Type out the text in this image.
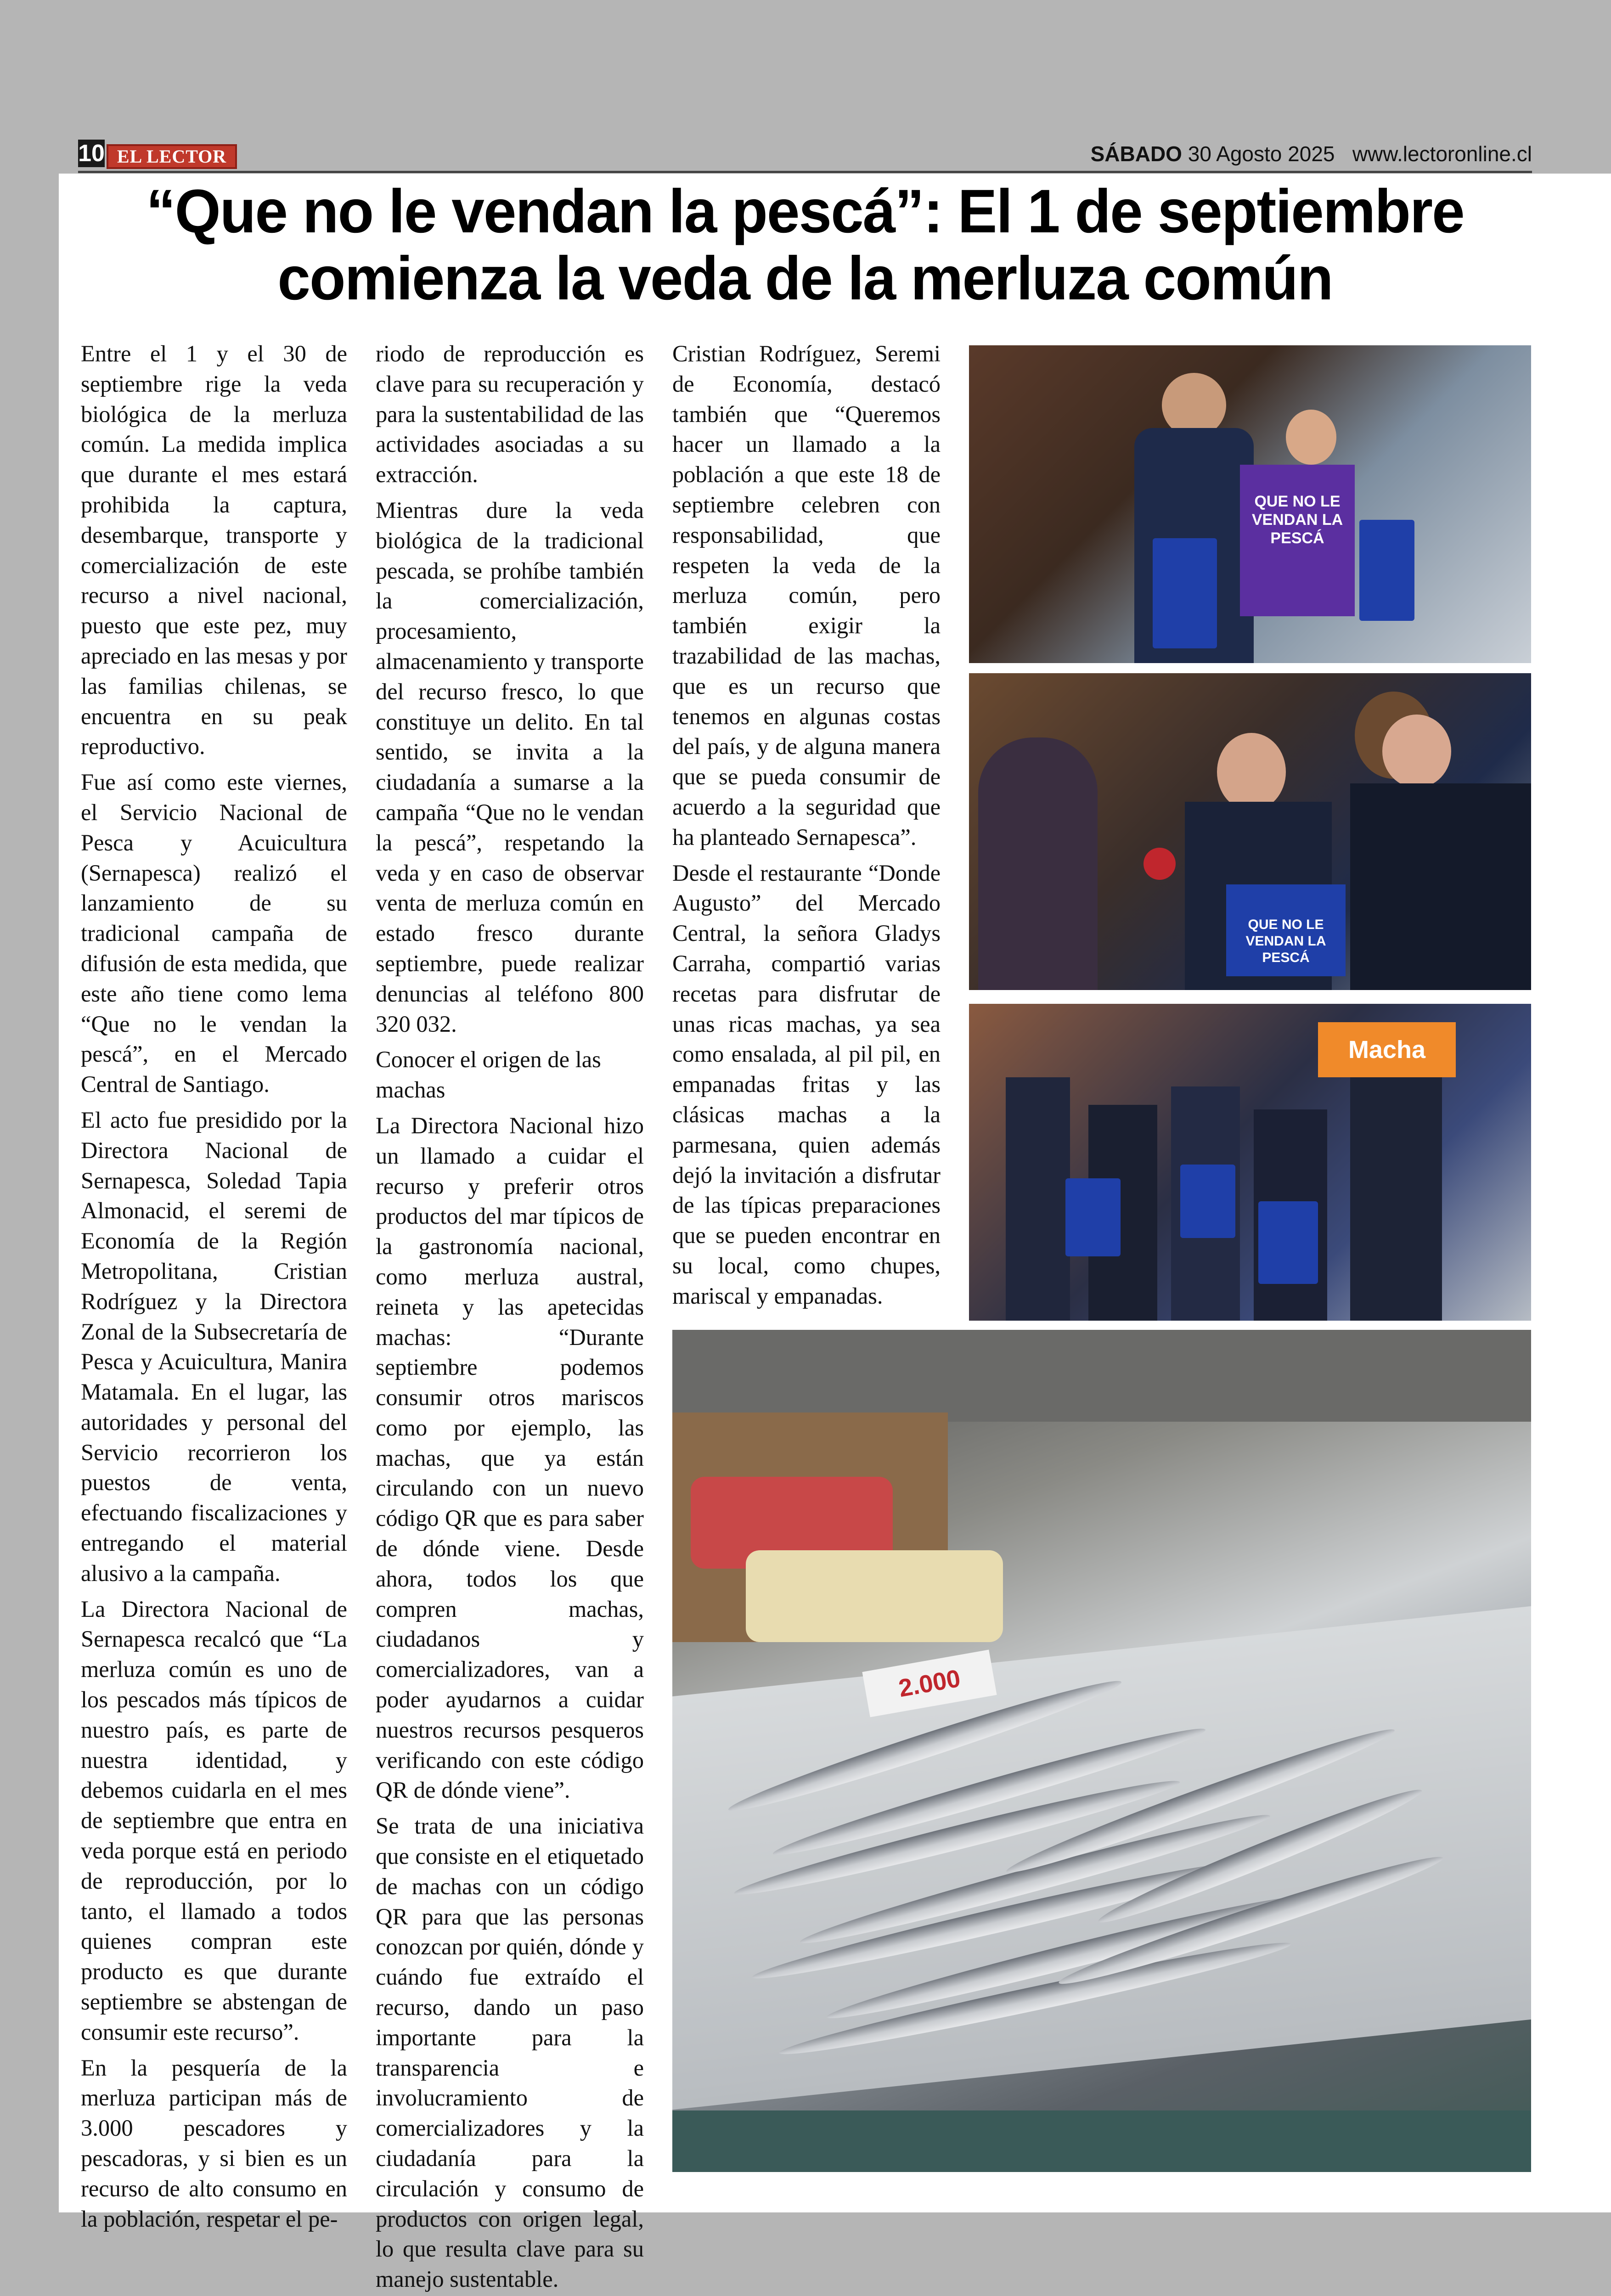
10 EL LECTOR	SÁBADO 30 Agosto 2025 www.lectoronline.cl
“Que no le vendan la pescá”: El 1 de septiembre comienza la veda de la merluza común

Entre el 1 y el 30 de septiembre rige la veda biológica de la merluza común. La medida implica que durante el mes estará prohibida la captura, desembarque, transporte y comercialización de este recurso a nivel nacional, puesto que este pez, muy apreciado en las mesas y por las familias chilenas, se encuentra en su peak reproductivo.

Fue así como este viernes, el Servicio Nacional de Pesca y Acuicultura (Sernapesca) realizó el lanzamiento de su tradicional campaña de difusión de esta medida, que este año tiene como lema “Que no le vendan la pescá”, en el Mercado Central de Santiago.

El acto fue presidido por la Directora Nacional de Sernapesca, Soledad Tapia Almonacid, el seremi de Economía de la Región Metropolitana, Cristian Rodríguez y la Directora Zonal de la Subsecretaría de Pesca y Acuicultura, Manira Matamala. En el lugar, las autoridades y personal del Servicio recorrieron los puestos de venta, efectuando fiscalizaciones y entregando el material alusivo a la campaña.

La Directora Nacional de Sernapesca recalcó que “La merluza común es uno de los pescados más típicos de nuestro país, es parte de nuestra identidad, y debemos cuidarla en el mes de septiembre que entra en veda porque está en periodo de reproducción, por lo tanto, el llamado a todos quienes compran este producto es que durante septiembre se abstengan de consumir este recurso”.

En la pesquería de la merluza participan más de 3.000 pescadores y pescadoras, y si bien es un recurso de alto consumo en la población, respetar el pe-

riodo de reproducción es clave para su recuperación y para la sustentabilidad de las actividades asociadas a su extracción.

Mientras dure la veda biológica de la tradicional pescada, se prohíbe también la comercialización, procesamiento, almacenamiento y transporte del recurso fresco, lo que constituye un delito. En tal sentido, se invita a la ciudadanía a sumarse a la campaña “Que no le vendan la pescá”, respetando la veda y en caso de observar venta de merluza común en estado fresco durante septiembre, puede realizar denuncias al teléfono 800 320 032.

Conocer el origen de las machas

La Directora Nacional hizo un llamado a cuidar el recurso y preferir otros productos del mar típicos de la gastronomía nacional, como merluza austral, reineta y las apetecidas machas: “Durante septiembre podemos consumir otros mariscos como por ejemplo, las machas, que ya están circulando con un nuevo código QR que es para saber de dónde viene. Desde ahora, todos los que compren machas, ciudadanos y comercializadores, van a poder ayudarnos a cuidar nuestros recursos pesqueros verificando con este código QR de dónde viene”.

Se trata de una iniciativa que consiste en el etiquetado de machas con un código QR para que las personas conozcan por quién, dónde y cuándo fue extraído el recurso, dando un paso importante para la transparencia e involucramiento de comercializadores y la ciudadanía para la circulación y consumo de productos con origen legal, lo que resulta clave para su manejo sustentable.

Cristian Rodríguez, Seremi de Economía, destacó también que “Queremos hacer un llamado a la población a que este 18 de septiembre celebren con responsabilidad, que respeten la veda de la merluza común, pero también exigir la trazabilidad de las machas, que es un recurso que tenemos en algunas costas del país, y de alguna manera que se pueda consumir de acuerdo a la seguridad que ha planteado Sernapesca”.

Desde el restaurante “Donde Augusto” del Mercado Central, la señora Gladys Carraha, compartió varias recetas para disfrutar de unas ricas machas, ya sea como ensalada, al pil pil, en empanadas fritas y las clásicas machas a la parmesana, quien además dejó la invitación a disfrutar de las típicas preparaciones que se pueden encontrar en su local, como chupes, mariscal y empanadas.

QUE NO LE VENDAN LA PESCÁ
QUE NO LE VENDAN LA PESCÁ
Macha
2.000
